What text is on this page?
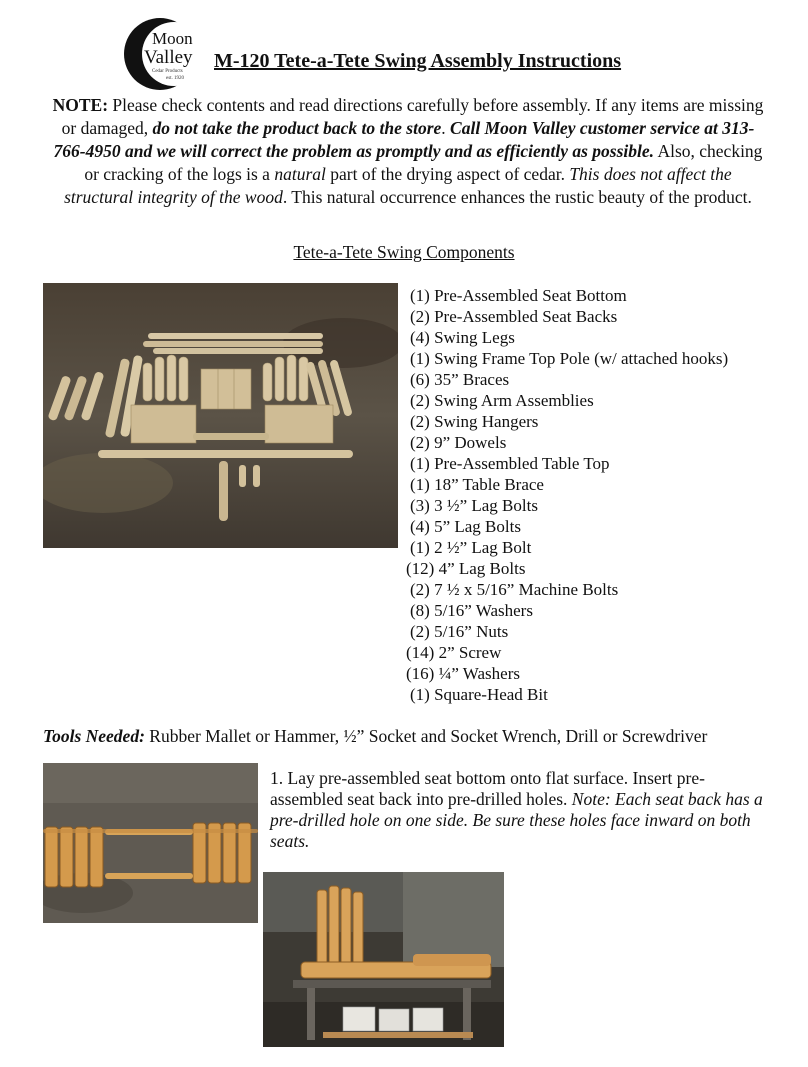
Moon
Valley
Cedar Products
est. 1920
M-120 Tete-a-Tete Swing Assembly Instructions
NOTE: Please check contents and read directions carefully before assembly. If any items are missing or damaged, do not take the product back to the store. Call Moon Valley customer service at 313-766-4950 and we will correct the problem as promptly and as efficiently as possible. Also, checking or cracking of the logs is a natural part of the drying aspect of cedar. This does not affect the structural integrity of the wood. This natural occurrence enhances the rustic beauty of the product.
Tete-a-Tete Swing Components
(1) Pre-Assembled Seat Bottom
(2) Pre-Assembled Seat Backs
(4) Swing Legs
(1) Swing Frame Top Pole (w/ attached hooks)
(6) 35” Braces
(2) Swing Arm Assemblies
(2) Swing Hangers
(2) 9” Dowels
(1) Pre-Assembled Table Top
(1) 18” Table Brace
(3) 3 ½” Lag Bolts
(4) 5” Lag Bolts
(1) 2 ½” Lag Bolt
(12) 4” Lag Bolts
(2) 7 ½ x 5/16” Machine Bolts
(8) 5/16” Washers
(2) 5/16” Nuts
(14) 2” Screw
(16) ¼” Washers
(1) Square-Head Bit
Tools Needed: Rubber Mallet or Hammer, ½” Socket and Socket Wrench, Drill or Screwdriver
1. Lay pre-assembled seat bottom onto flat surface. Insert pre-assembled seat back into pre-drilled holes. Note: Each seat back has a pre-drilled hole on one side. Be sure these holes face inward on both seats.
